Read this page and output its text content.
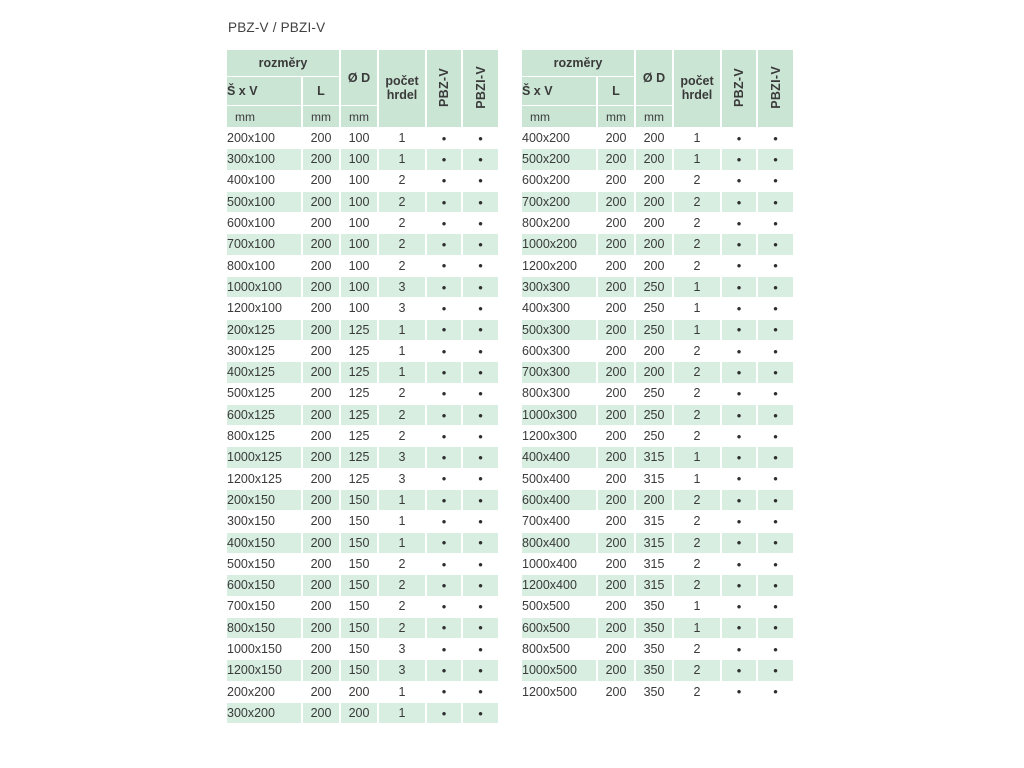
PBZ-V / PBZI-V
rozměry		Ø D	počet hrdel	PBZ-V	PBZI-V
Š x V	L				
mm	mm	mm			
200x100	200	100	1	•	•
300x100	200	100	1	•	•
400x100	200	100	2	•	•
500x100	200	100	2	•	•
600x100	200	100	2	•	•
700x100	200	100	2	•	•
800x100	200	100	2	•	•
1000x100	200	100	3	•	•
1200x100	200	100	3	•	•
200x125	200	125	1	•	•
300x125	200	125	1	•	•
400x125	200	125	1	•	•
500x125	200	125	2	•	•
600x125	200	125	2	•	•
800x125	200	125	2	•	•
1000x125	200	125	3	•	•
1200x125	200	125	3	•	•
200x150	200	150	1	•	•
300x150	200	150	1	•	•
400x150	200	150	1	•	•
500x150	200	150	2	•	•
600x150	200	150	2	•	•
700x150	200	150	2	•	•
800x150	200	150	2	•	•
1000x150	200	150	3	•	•
1200x150	200	150	3	•	•
200x200	200	200	1	•	•
300x200	200	200	1	•	•
rozměry		Ø D	počet hrdel	PBZ-V	PBZI-V
Š x V	L				
mm	mm	mm			
400x200	200	200	1	•	•
500x200	200	200	1	•	•
600x200	200	200	2	•	•
700x200	200	200	2	•	•
800x200	200	200	2	•	•
1000x200	200	200	2	•	•
1200x200	200	200	2	•	•
300x300	200	250	1	•	•
400x300	200	250	1	•	•
500x300	200	250	1	•	•
600x300	200	200	2	•	•
700x300	200	200	2	•	•
800x300	200	250	2	•	•
1000x300	200	250	2	•	•
1200x300	200	250	2	•	•
400x400	200	315	1	•	•
500x400	200	315	1	•	•
600x400	200	200	2	•	•
700x400	200	315	2	•	•
800x400	200	315	2	•	•
1000x400	200	315	2	•	•
1200x400	200	315	2	•	•
500x500	200	350	1	•	•
600x500	200	350	1	•	•
800x500	200	350	2	•	•
1000x500	200	350	2	•	•
1200x500	200	350	2	•	•
